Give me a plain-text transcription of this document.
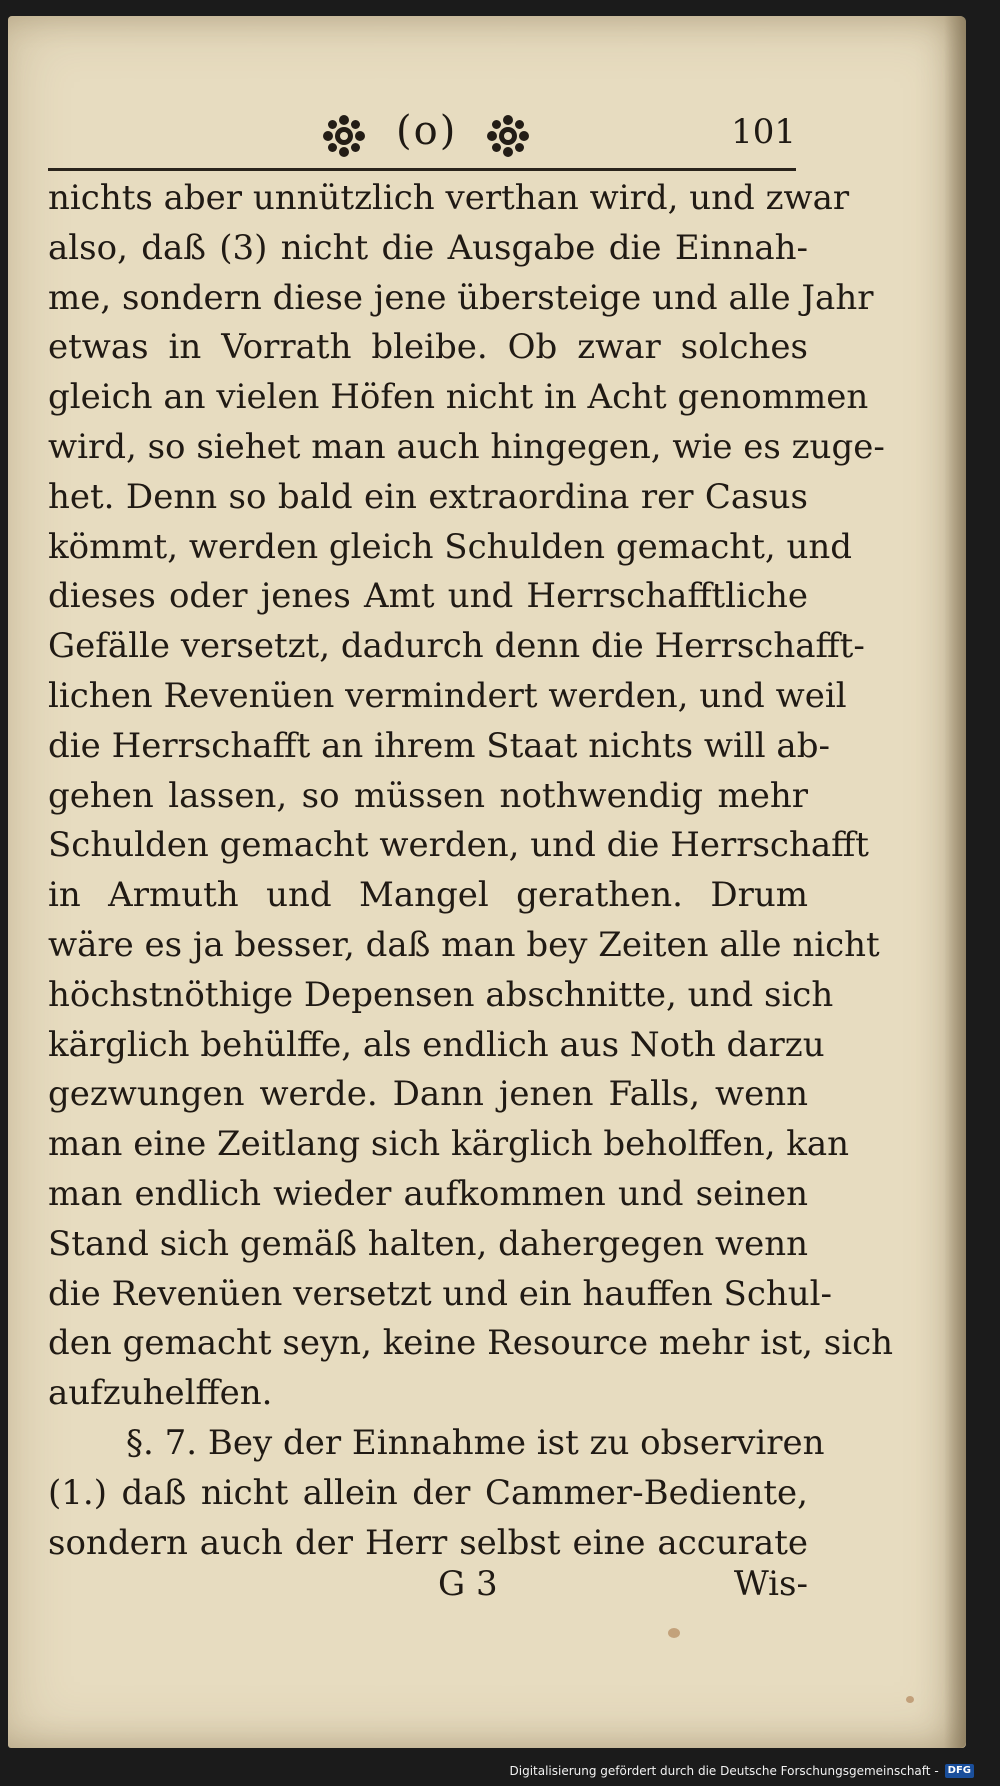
(o)	101
nichts aber unnützlich verthan wird, und zwar
also, daß (3) nicht die Ausgabe die Einnah-
me, sondern diese jene übersteige und alle Jahr
etwas in Vorrath bleibe. Ob zwar solches
gleich an vielen Höfen nicht in Acht genommen
wird, so siehet man auch hingegen, wie es zuge-
het. Denn so bald ein extraordina rer Casus
kömmt, werden gleich Schulden gemacht, und
dieses oder jenes Amt und Herrschafftliche
Gefälle versetzt, dadurch denn die Herrschafft-
lichen Revenüen vermindert werden, und weil
die Herrschafft an ihrem Staat nichts will ab-
gehen lassen, so müssen nothwendig mehr
Schulden gemacht werden, und die Herrschafft
in Armuth und Mangel gerathen. Drum
wäre es ja besser, daß man bey Zeiten alle nicht
höchstnöthige Depensen abschnitte, und sich
kärglich behülffe, als endlich aus Noth darzu
gezwungen werde. Dann jenen Falls, wenn
man eine Zeitlang sich kärglich beholffen, kan
man endlich wieder aufkommen und seinen
Stand sich gemäß halten, dahergegen wenn
die Revenüen versetzt und ein hauffen Schul-
den gemacht seyn, keine Resource mehr ist, sich
aufzuhelffen.
§. 7. Bey der Einnahme ist zu observiren
(1.) daß nicht allein der Cammer-Bediente,
sondern auch der Herr selbst eine accurate
G 3	Wis-
Digitalisierung gefördert durch die Deutsche Forschungsgemeinschaft - DFG
